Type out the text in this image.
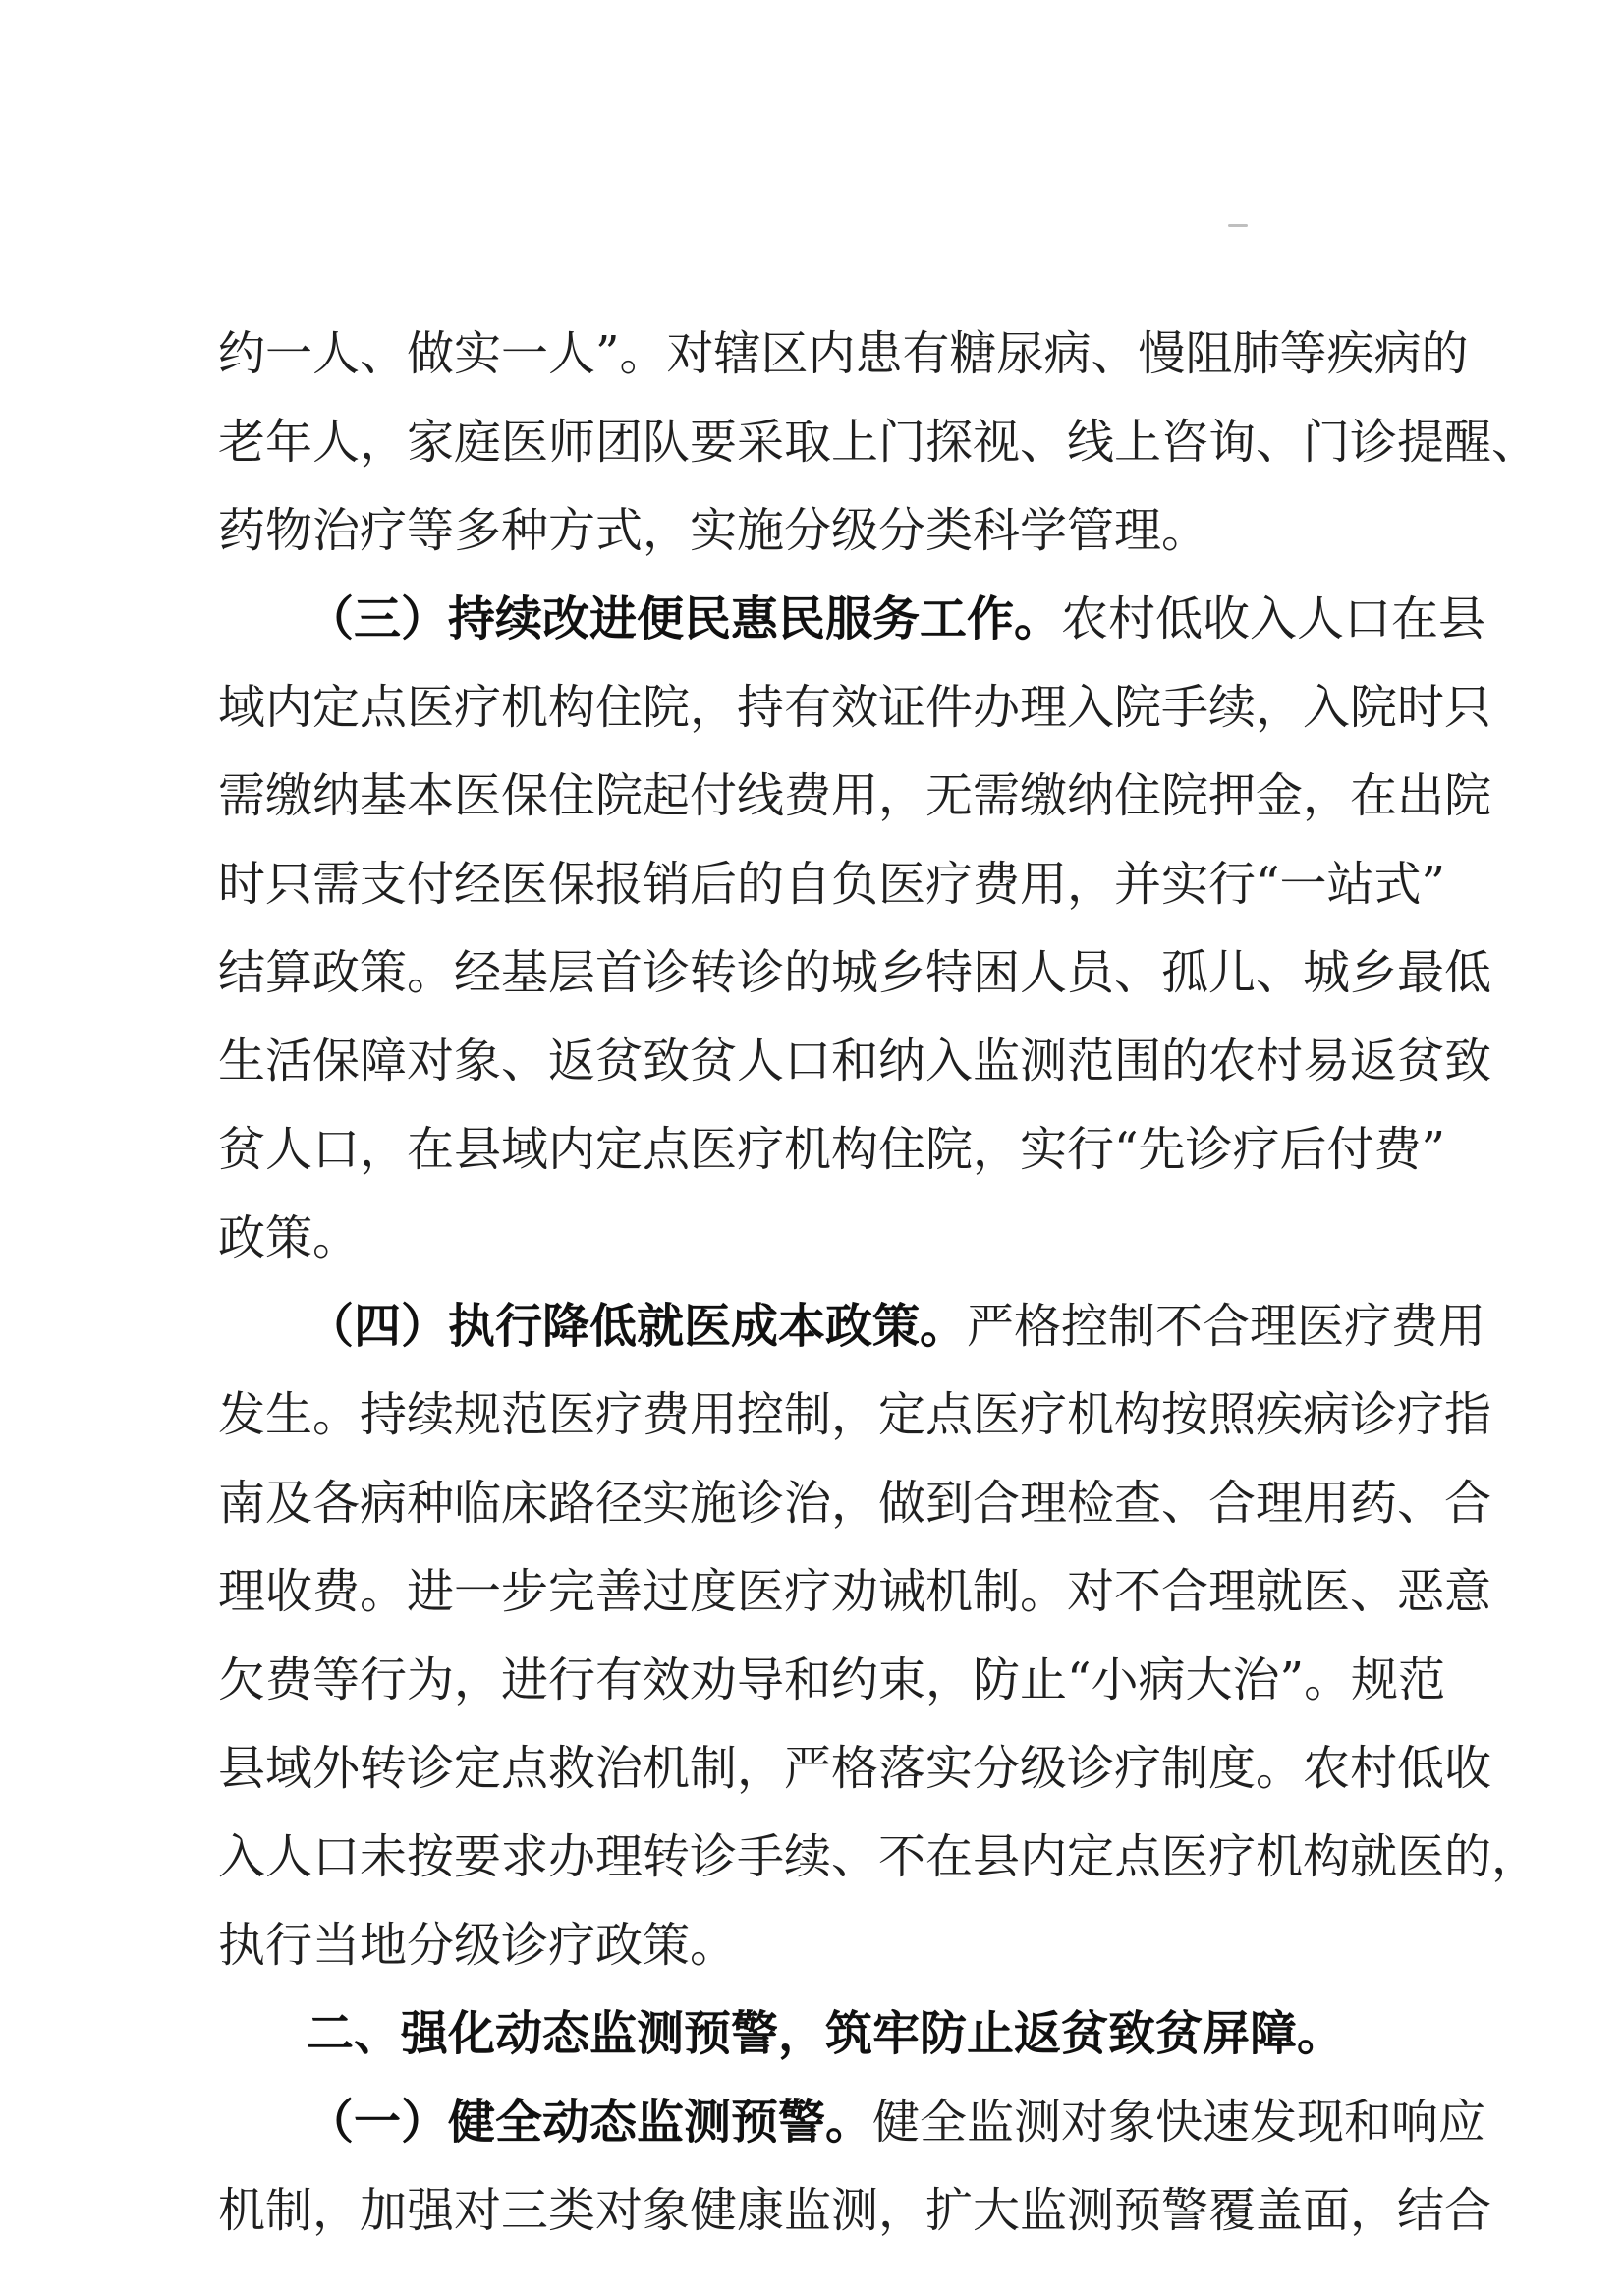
约一人、做实一人”。对辖区内患有糖尿病、慢阻肺等疾病的
老年人，家庭医师团队要采取上门探视、线上咨询、门诊提醒、
药物治疗等多种方式，实施分级分类科学管理。
（三）持续改进便民惠民服务工作。农村低收入人口在县
域内定点医疗机构住院，持有效证件办理入院手续，入院时只
需缴纳基本医保住院起付线费用，无需缴纳住院押金，在出院
时只需支付经医保报销后的自负医疗费用，并实行“一站式”
结算政策。经基层首诊转诊的城乡特困人员、孤儿、城乡最低
生活保障对象、返贫致贫人口和纳入监测范围的农村易返贫致
贫人口，在县域内定点医疗机构住院，实行“先诊疗后付费”
政策。
（四）执行降低就医成本政策。严格控制不合理医疗费用
发生。持续规范医疗费用控制，定点医疗机构按照疾病诊疗指
南及各病种临床路径实施诊治，做到合理检查、合理用药、合
理收费。进一步完善过度医疗劝诫机制。对不合理就医、恶意
欠费等行为，进行有效劝导和约束，防止“小病大治”。规范
县域外转诊定点救治机制，严格落实分级诊疗制度。农村低收
入人口未按要求办理转诊手续、不在县内定点医疗机构就医的，
执行当地分级诊疗政策。
二、强化动态监测预警，筑牢防止返贫致贫屏障。
（一）健全动态监测预警。健全监测对象快速发现和响应
机制，加强对三类对象健康监测，扩大监测预警覆盖面，结合
